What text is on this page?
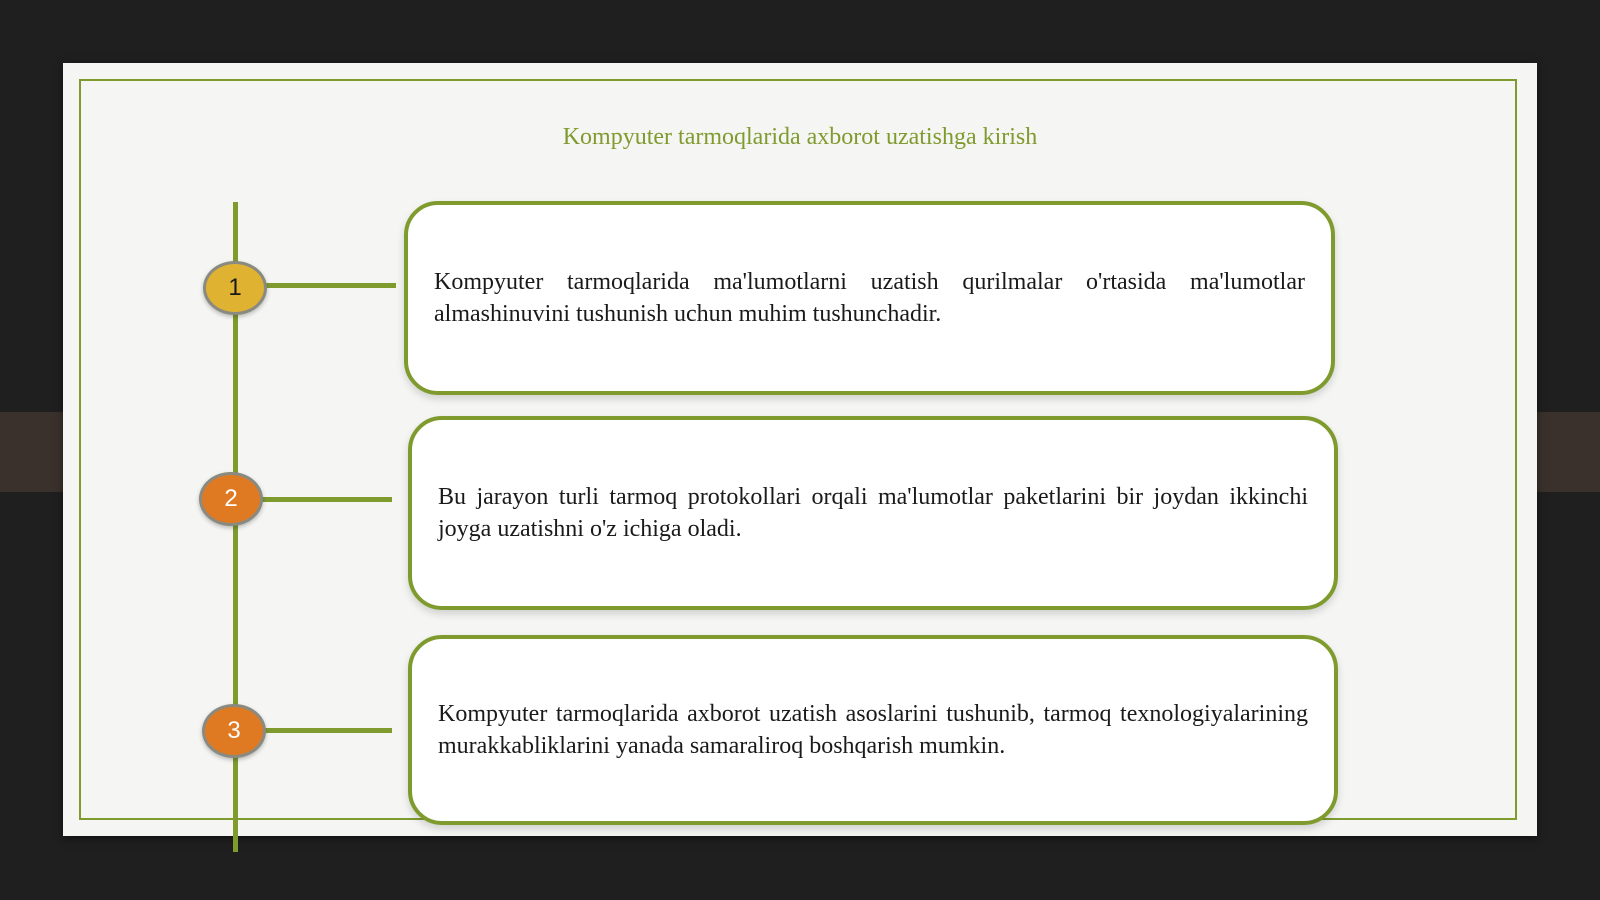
Kompyuter tarmoqlarida axborot uzatishga kirish
1
2
3

Kompyuter tarmoqlarida ma'lumotlarni uzatish qurilmalar o'rtasida ma'lumotlar almashinuvini tushunish uchun muhim tushunchadir.

Bu jarayon turli tarmoq protokollari orqali ma'lumotlar paketlarini bir joydan ikkinchi joyga uzatishni o'z ichiga oladi.

Kompyuter tarmoqlarida axborot uzatish asoslarini tushunib, tarmoq texnologiyalarining murakkabliklarini yanada samaraliroq boshqarish mumkin.
